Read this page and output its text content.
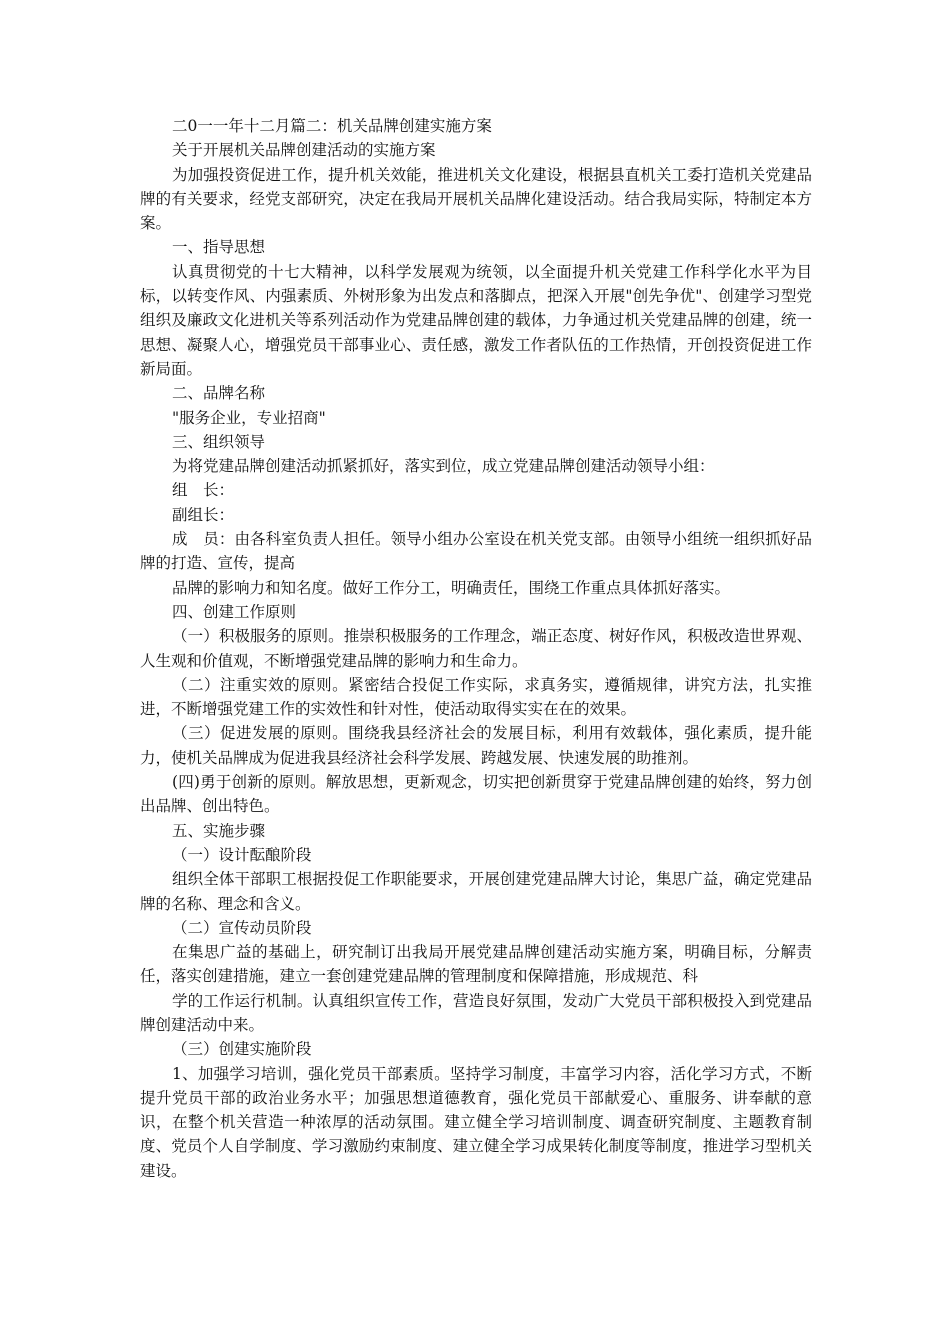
二0一一年十二月篇二：机关品牌创建实施方案

关于开展机关品牌创建活动的实施方案

为加强投资促进工作，提升机关效能，推进机关文化建设，根据县直机关工委打造机关党建品牌的有关要求，经党支部研究，决定在我局开展机关品牌化建设活动。结合我局实际，特制定本方案。

一、指导思想

认真贯彻党的十七大精神，以科学发展观为统领，以全面提升机关党建工作科学化水平为目标，以转变作风、内强素质、外树形象为出发点和落脚点，把深入开展"创先争优"、创建学习型党组织及廉政文化进机关等系列活动作为党建品牌创建的载体，力争通过机关党建品牌的创建，统一思想、凝聚人心，增强党员干部事业心、责任感，激发工作者队伍的工作热情，开创投资促进工作新局面。

二、品牌名称

"服务企业，专业招商"

三、组织领导

为将党建品牌创建活动抓紧抓好，落实到位，成立党建品牌创建活动领导小组：

组　长：

副组长：

成　员：由各科室负责人担任。领导小组办公室设在机关党支部。由领导小组统一组织抓好品牌的打造、宣传，提高

品牌的影响力和知名度。做好工作分工，明确责任，围绕工作重点具体抓好落实。

四、创建工作原则

（一）积极服务的原则。推崇积极服务的工作理念，端正态度、树好作风，积极改造世界观、人生观和价值观，不断增强党建品牌的影响力和生命力。

（二）注重实效的原则。紧密结合投促工作实际，求真务实，遵循规律，讲究方法，扎实推进，不断增强党建工作的实效性和针对性，使活动取得实实在在的效果。

（三）促进发展的原则。围绕我县经济社会的发展目标，利用有效载体，强化素质，提升能力，使机关品牌成为促进我县经济社会科学发展、跨越发展、快速发展的助推剂。

(四)勇于创新的原则。解放思想，更新观念，切实把创新贯穿于党建品牌创建的始终，努力创出品牌、创出特色。

五、实施步骤

（一）设计酝酿阶段

组织全体干部职工根据投促工作职能要求，开展创建党建品牌大讨论，集思广益，确定党建品牌的名称、理念和含义。

（二）宣传动员阶段

在集思广益的基础上，研究制订出我局开展党建品牌创建活动实施方案，明确目标，分解责任，落实创建措施，建立一套创建党建品牌的管理制度和保障措施，形成规范、科

学的工作运行机制。认真组织宣传工作，营造良好氛围，发动广大党员干部积极投入到党建品牌创建活动中来。

（三）创建实施阶段

1、加强学习培训，强化党员干部素质。坚持学习制度，丰富学习内容，活化学习方式，不断提升党员干部的政治业务水平；加强思想道德教育，强化党员干部献爱心、重服务、讲奉献的意识，在整个机关营造一种浓厚的活动氛围。建立健全学习培训制度、调查研究制度、主题教育制度、党员个人自学制度、学习激励约束制度、建立健全学习成果转化制度等制度，推进学习型机关建设。
